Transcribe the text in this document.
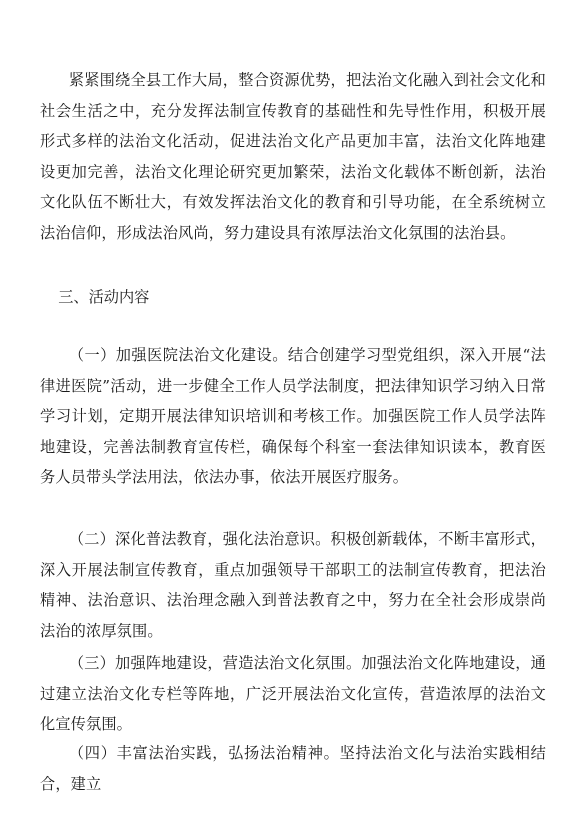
紧紧围绕全县工作大局，整合资源优势，把法治文化融入到社会文化和社会生活之中，充分发挥法制宣传教育的基础性和先导性作用，积极开展形式多样的法治文化活动，促进法治文化产品更加丰富，法治文化阵地建设更加完善，法治文化理论研究更加繁荣，法治文化载体不断创新，法治文化队伍不断壮大，有效发挥法治文化的教育和引导功能，在全系统树立法治信仰，形成法治风尚，努力建设具有浓厚法治文化氛围的法治县。

三、活动内容

（一）加强医院法治文化建设。结合创建学习型党组织，深入开展“法律进医院”活动，进一步健全工作人员学法制度，把法律知识学习纳入日常学习计划，定期开展法律知识培训和考核工作。加强医院工作人员学法阵地建设，完善法制教育宣传栏，确保每个科室一套法律知识读本，教育医务人员带头学法用法，依法办事，依法开展医疗服务。

（二）深化普法教育，强化法治意识。积极创新载体，不断丰富形式，深入开展法制宣传教育，重点加强领导干部职工的法制宣传教育，把法治精神、法治意识、法治理念融入到普法教育之中，努力在全社会形成崇尚法治的浓厚氛围。

（三）加强阵地建设，营造法治文化氛围。加强法治文化阵地建设，通过建立法治文化专栏等阵地，广泛开展法治文化宣传，营造浓厚的法治文化宣传氛围。

（四）丰富法治实践，弘扬法治精神。坚持法治文化与法治实践相结合，建立
